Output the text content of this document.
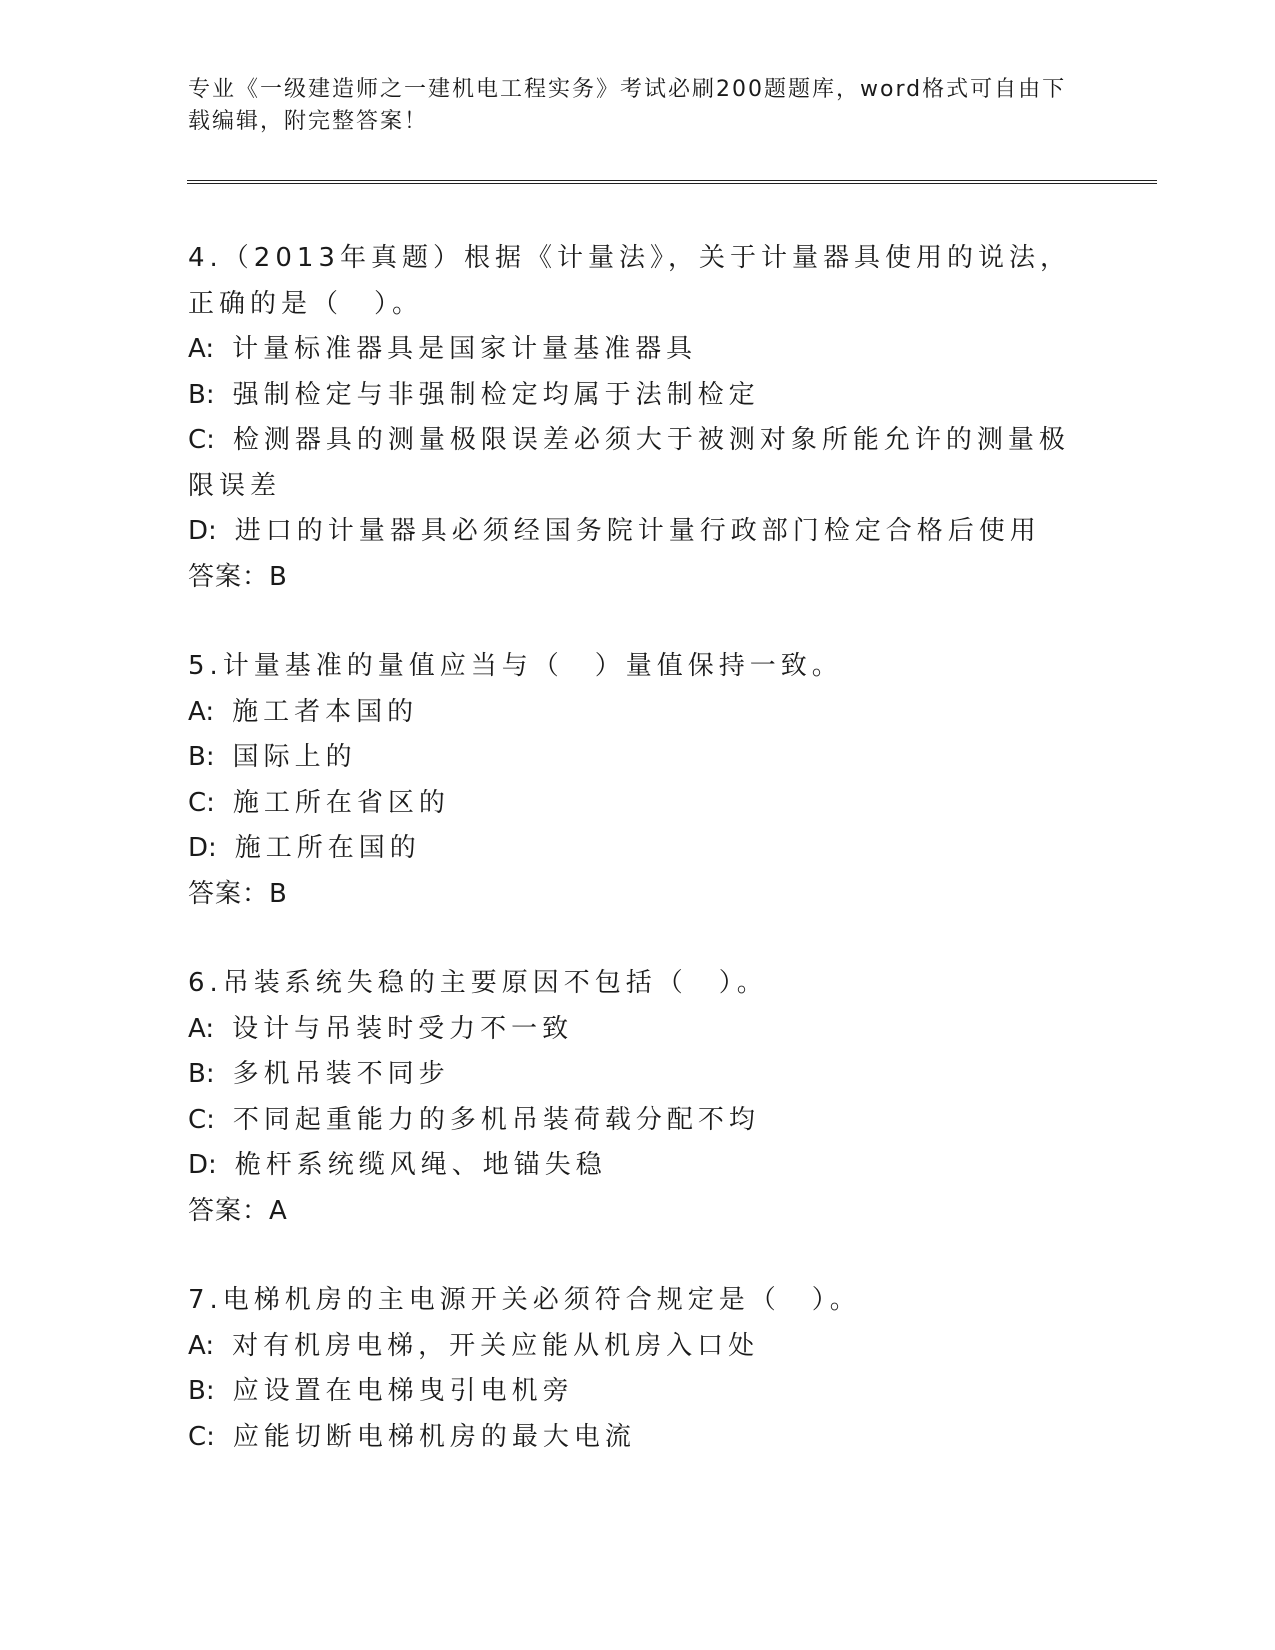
专业《一级建造师之一建机电工程实务》考试必刷200题题库，word格式可自由下载编辑，附完整答案！
4.（2013年真题）根据《计量法》，关于计量器具使用的说法，正确的是（　）。
A: 计量标准器具是国家计量基准器具
B: 强制检定与非强制检定均属于法制检定
C: 检测器具的测量极限误差必须大于被测对象所能允许的测量极限误差
D: 进口的计量器具必须经国务院计量行政部门检定合格后使用
答案：B
5.计量基准的量值应当与（　）量值保持一致。
A: 施工者本国的
B: 国际上的
C: 施工所在省区的
D: 施工所在国的
答案：B
6.吊装系统失稳的主要原因不包括（　）。
A: 设计与吊装时受力不一致
B: 多机吊装不同步
C: 不同起重能力的多机吊装荷载分配不均
D: 桅杆系统缆风绳、地锚失稳
答案：A
7.电梯机房的主电源开关必须符合规定是（　）。
A: 对有机房电梯，开关应能从机房入口处
B: 应设置在电梯曳引电机旁
C: 应能切断电梯机房的最大电流
